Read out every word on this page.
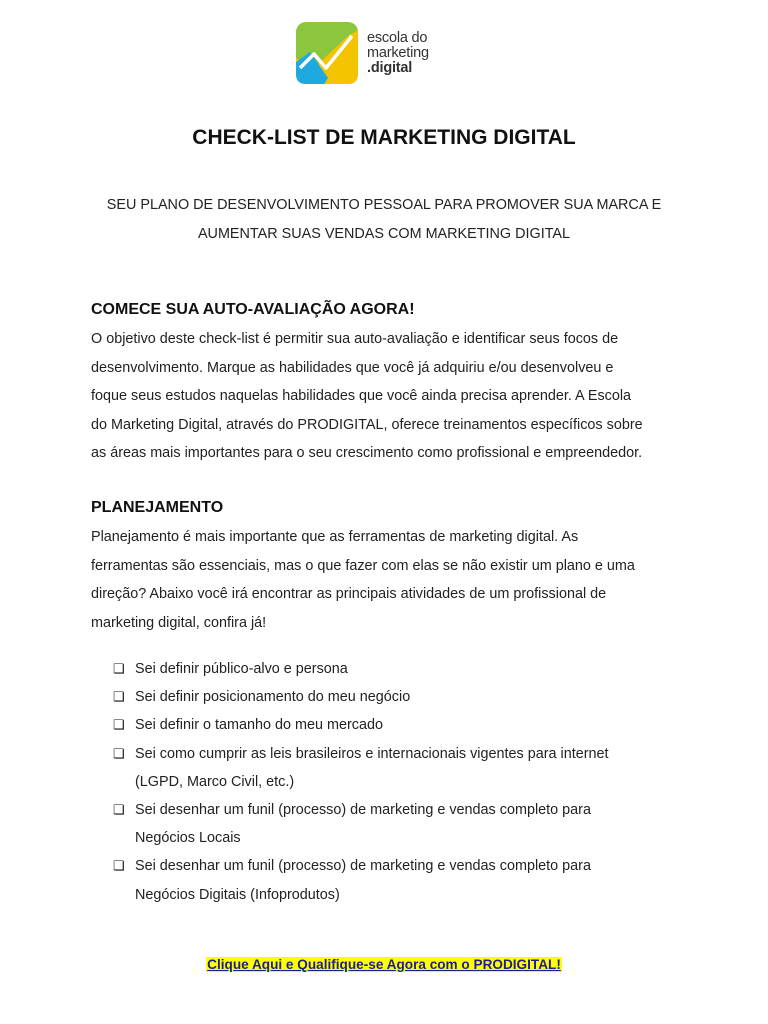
escola do
marketing
.digital
CHECK-LIST DE MARKETING DIGITAL
SEU PLANO DE DESENVOLVIMENTO PESSOAL PARA PROMOVER SUA MARCA E
AUMENTAR SUAS VENDAS COM MARKETING DIGITAL
COMECE SUA AUTO-AVALIAÇÃO AGORA!

O objetivo deste check-list é permitir sua auto-avaliação e identificar seus focos de

desenvolvimento. Marque as habilidades que você já adquiriu e/ou desenvolveu e

foque seus estudos naquelas habilidades que você ainda precisa aprender. A Escola

do Marketing Digital, através do PRODIGITAL, oferece treinamentos específicos sobre

as áreas mais importantes para o seu crescimento como profissional e empreendedor.

PLANEJAMENTO

Planejamento é mais importante que as ferramentas de marketing digital. As

ferramentas são essenciais, mas o que fazer com elas se não existir um plano e uma

direção? Abaixo você irá encontrar as principais atividades de um profissional de

marketing digital, confira já!

❏ Sei definir público-alvo e persona
❏ Sei definir posicionamento do meu negócio
❏ Sei definir o tamanho do meu mercado
❏ Sei como cumprir as leis brasileiros e internacionais vigentes para internet
(LGPD, Marco Civil, etc.)
❏ Sei desenhar um funil (processo) de marketing e vendas completo para
Negócios Locais
❏ Sei desenhar um funil (processo) de marketing e vendas completo para
Negócios Digitais (Infoprodutos)
Clique Aqui e Qualifique-se Agora com o PRODIGITAL!
